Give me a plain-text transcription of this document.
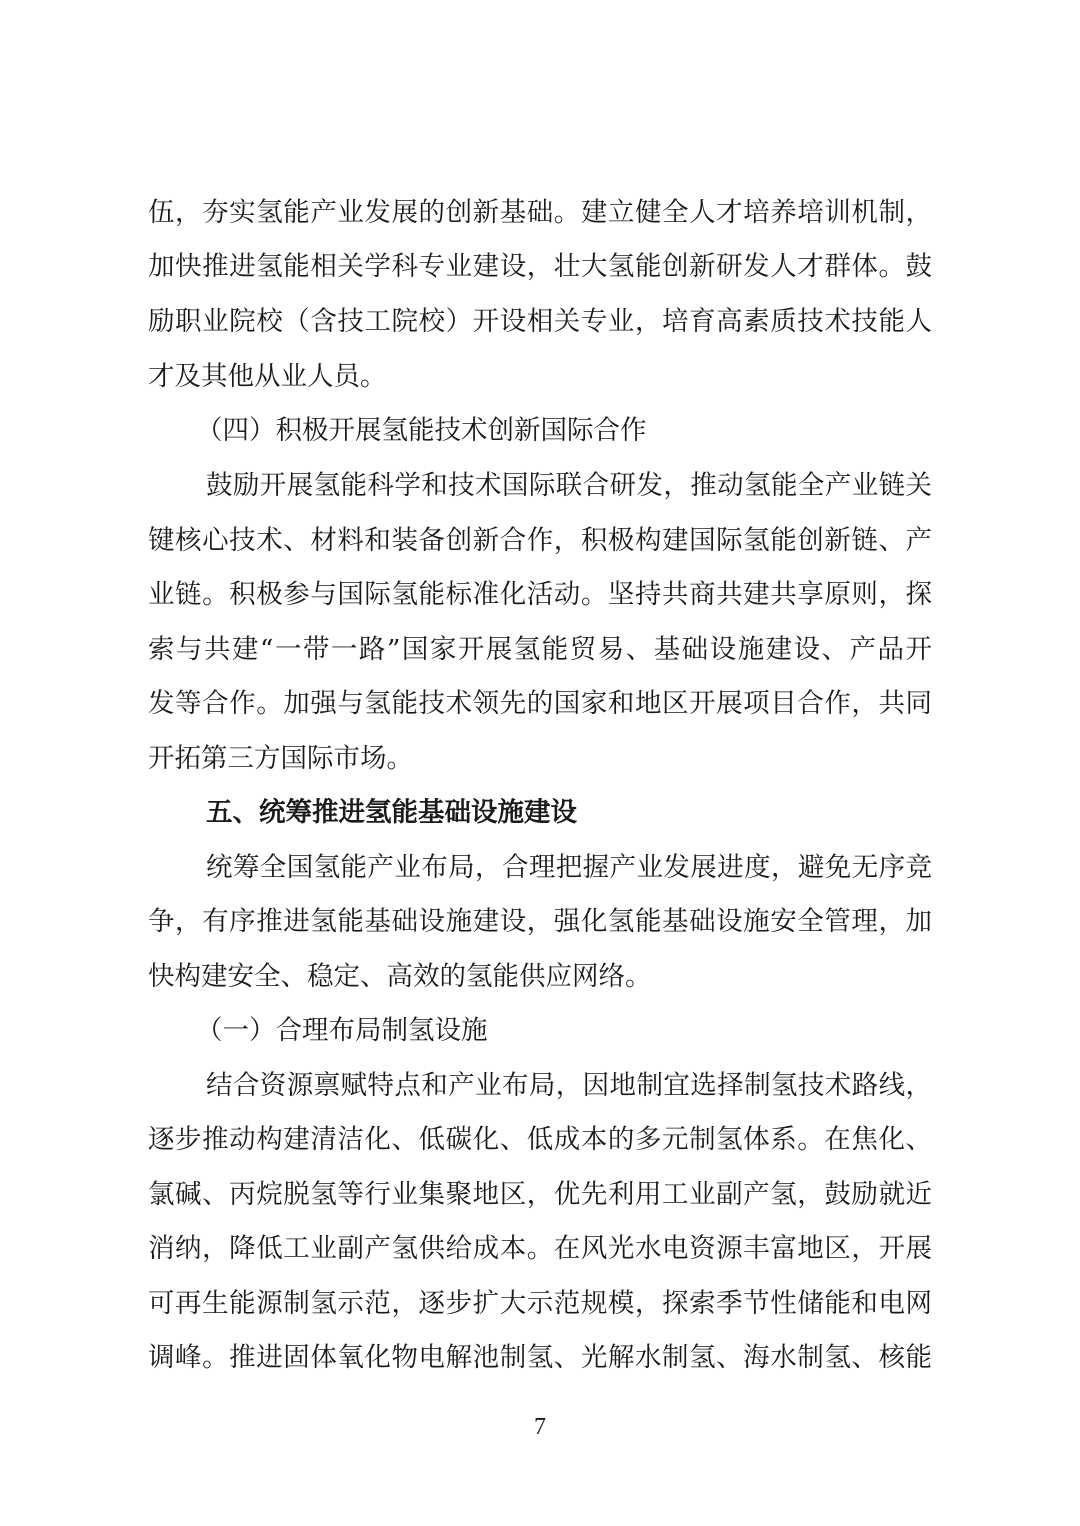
伍，夯实氢能产业发展的创新基础。建立健全人才培养培训机制，
加快推进氢能相关学科专业建设，壮大氢能创新研发人才群体。鼓
励职业院校（含技工院校）开设相关专业，培育高素质技术技能人
才及其他从业人员。
（四）积极开展氢能技术创新国际合作
鼓励开展氢能科学和技术国际联合研发，推动氢能全产业链关
键核心技术、材料和装备创新合作，积极构建国际氢能创新链、产
业链。积极参与国际氢能标准化活动。坚持共商共建共享原则，探
索与共建“一带一路”国家开展氢能贸易、基础设施建设、产品开
发等合作。加强与氢能技术领先的国家和地区开展项目合作，共同
开拓第三方国际市场。
五、统筹推进氢能基础设施建设
统筹全国氢能产业布局，合理把握产业发展进度，避免无序竞
争，有序推进氢能基础设施建设，强化氢能基础设施安全管理，加
快构建安全、稳定、高效的氢能供应网络。
（一）合理布局制氢设施
结合资源禀赋特点和产业布局，因地制宜选择制氢技术路线，
逐步推动构建清洁化、低碳化、低成本的多元制氢体系。在焦化、
氯碱、丙烷脱氢等行业集聚地区，优先利用工业副产氢，鼓励就近
消纳，降低工业副产氢供给成本。在风光水电资源丰富地区，开展
可再生能源制氢示范，逐步扩大示范规模，探索季节性储能和电网
调峰。推进固体氧化物电解池制氢、光解水制氢、海水制氢、核能
7
